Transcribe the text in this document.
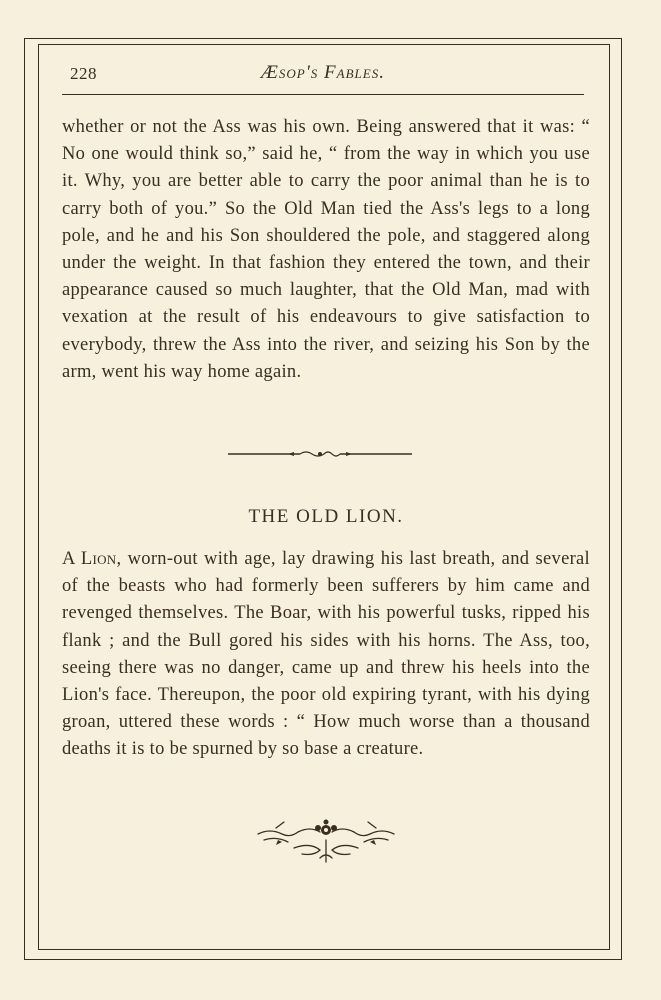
228	Æsop's Fables.

whether or not the Ass was his own. Being answered that it was: “ No one would think so,” said he, “ from the way in which you use it. Why, you are better able to carry the poor animal than he is to carry both of you.” So the Old Man tied the Ass's legs to a long pole, and he and his Son shouldered the pole, and staggered along under the weight. In that fashion they entered the town, and their appearance caused so much laughter, that the Old Man, mad with vexation at the result of his endeavours to give satisfaction to everybody, threw the Ass into the river, and seizing his Son by the arm, went his way home again.

THE OLD LION.

A Lion, worn-out with age, lay drawing his last breath, and several of the beasts who had formerly been sufferers by him came and revenged themselves. The Boar, with his powerful tusks, ripped his flank ; and the Bull gored his sides with his horns. The Ass, too, seeing there was no danger, came up and threw his heels into the Lion's face. Thereupon, the poor old expiring tyrant, with his dying groan, uttered these words : “ How much worse than a thousand deaths it is to be spurned by so base a creature.
